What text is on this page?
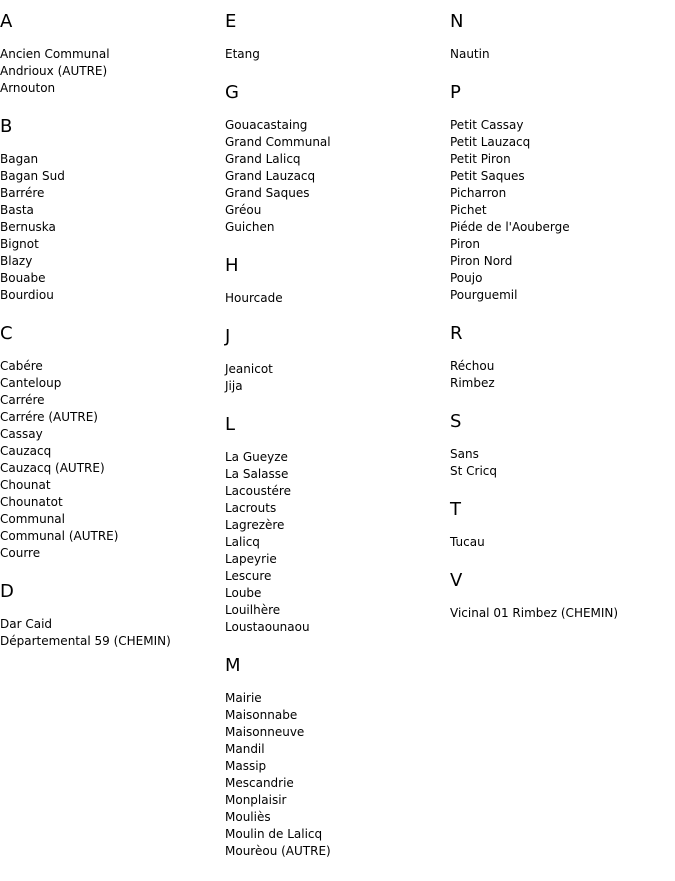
A
Ancien Communal
Andrioux (AUTRE)
Arnouton
B
Bagan
Bagan Sud
Barrére
Basta
Bernuska
Bignot
Blazy
Bouabe
Bourdiou
C
Cabére
Canteloup
Carrére
Carrére (AUTRE)
Cassay
Cauzacq
Cauzacq (AUTRE)
Chounat
Chounatot
Communal
Communal (AUTRE)
Courre
D
Dar Caid
Départemental 59 (CHEMIN)
E
Etang
G
Gouacastaing
Grand Communal
Grand Lalicq
Grand Lauzacq
Grand Saques
Gréou
Guichen
H
Hourcade
J
Jeanicot
Jija
L
La Gueyze
La Salasse
Lacoustére
Lacrouts
Lagrezère
Lalicq
Lapeyrie
Lescure
Loube
Louilhère
Loustaounaou
M
Mairie
Maisonnabe
Maisonneuve
Mandil
Massip
Mescandrie
Monplaisir
Mouliès
Moulin de Lalicq
Mourèou (AUTRE)
N
Nautin
P
Petit Cassay
Petit Lauzacq
Petit Piron
Petit Saques
Picharron
Pichet
Piéde de l'Aouberge
Piron
Piron Nord
Poujo
Pourguemil
R
Réchou
Rimbez
S
Sans
St Cricq
T
Tucau
V
Vicinal 01 Rimbez (CHEMIN)
